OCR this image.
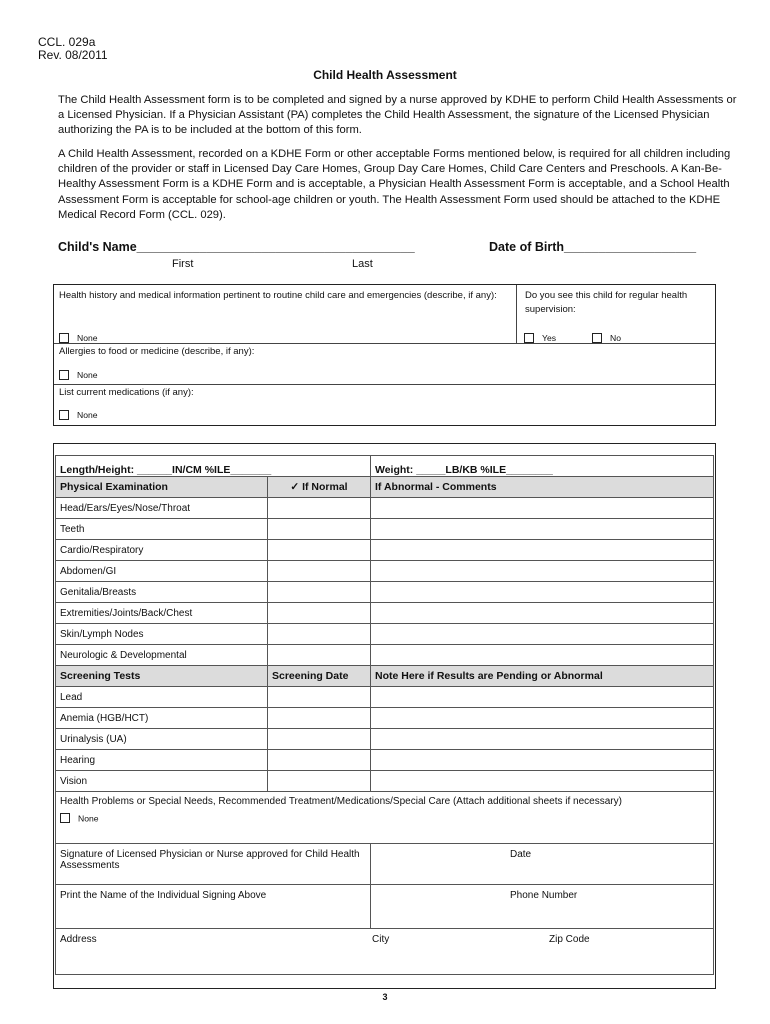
CCL. 029a
Rev. 08/2011
Child Health Assessment

The Child Health Assessment form is to be completed and signed by a nurse approved by KDHE to perform Child Health Assessments or a Licensed Physician. If a Physician Assistant (PA) completes the Child Health Assessment, the signature of the Licensed Physician authorizing the PA is to be included at the bottom of this form.

A Child Health Assessment, recorded on a KDHE Form or other acceptable Forms mentioned below, is required for all children including children of the provider or staff in Licensed Day Care Homes, Group Day Care Homes, Child Care Centers and Preschools. A Kan-Be-Healthy Assessment Form is a KDHE Form and is acceptable, a Physician Health Assessment Form is acceptable, and a School Health Assessment Form is acceptable for school-age children or youth. The Health Assessment Form used should be attached to the KDHE Medical Record Form (CCL. 029).

Child's Name________________________________________	Date of Birth___________________
First	Last
Health history and medical information pertinent to routine child care and emergencies (describe, if any):
None
Do you see this child for regular health supervision:
Yes	No
Allergies to food or medicine (describe, if any):
None
List current medications (if any):
None
Length/Height: ______IN/CM %ILE_______		Weight: _____LB/KB %ILE________
Physical Examination	✓ If Normal	If Abnormal - Comments
Head/Ears/Eyes/Nose/Throat		
Teeth		
Cardio/Respiratory		
Abdomen/GI		
Genitalia/Breasts		
Extremities/Joints/Back/Chest		
Skin/Lymph Nodes		
Neurologic & Developmental		
Screening Tests	Screening Date	Note Here if Results are Pending or Abnormal
Lead		
Anemia (HGB/HCT)		
Urinalysis (UA)		
Hearing		
Vision		

Health Problems or Special Needs, Recommended Treatment/Medications/Special Care (Attach additional sheets if necessary)
None		

Signature of Licensed Physician or Nurse approved for Child Health Assessments		Date

Print the Name of the Individual Signing Above		Phone Number

Address City Zip Code		
3
